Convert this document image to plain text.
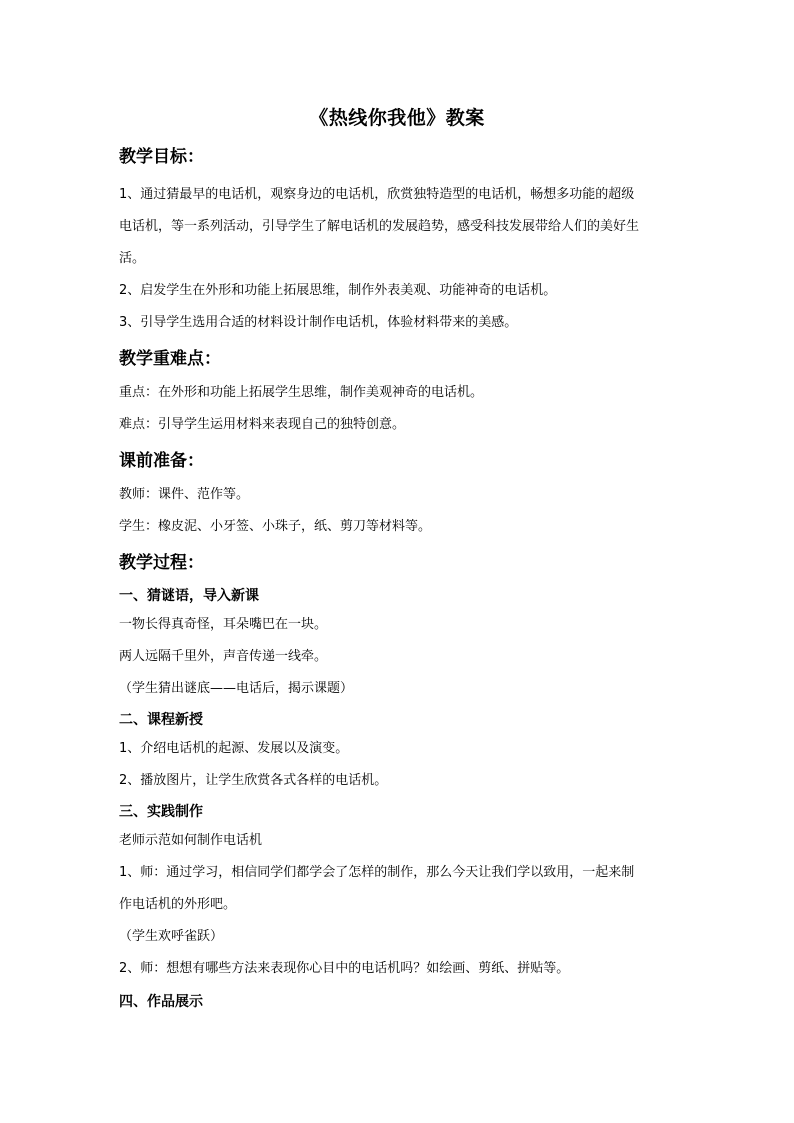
《热线你我他》教案
教学目标：
1、通过猜最早的电话机，观察身边的电话机，欣赏独特造型的电话机，畅想多功能的超级
电话机，等一系列活动，引导学生了解电话机的发展趋势，感受科技发展带给人们的美好生
活。
2、启发学生在外形和功能上拓展思维，制作外表美观、功能神奇的电话机。
3、引导学生选用合适的材料设计制作电话机，体验材料带来的美感。
教学重难点：
重点：在外形和功能上拓展学生思维，制作美观神奇的电话机。
难点：引导学生运用材料来表现自己的独特创意。
课前准备：
教师：课件、范作等。
学生：橡皮泥、小牙签、小珠子，纸、剪刀等材料等。
教学过程：
一、猜谜语，导入新课
一物长得真奇怪，耳朵嘴巴在一块。
两人远隔千里外，声音传递一线牵。
（学生猜出谜底——电话后，揭示课题）
二、课程新授
1、介绍电话机的起源、发展以及演变。
2、播放图片，让学生欣赏各式各样的电话机。
三、实践制作
老师示范如何制作电话机
1、师：通过学习，相信同学们都学会了怎样的制作，那么今天让我们学以致用，一起来制
作电话机的外形吧。
（学生欢呼雀跃）
2、师：想想有哪些方法来表现你心目中的电话机吗？如绘画、剪纸、拼贴等。
四、作品展示
